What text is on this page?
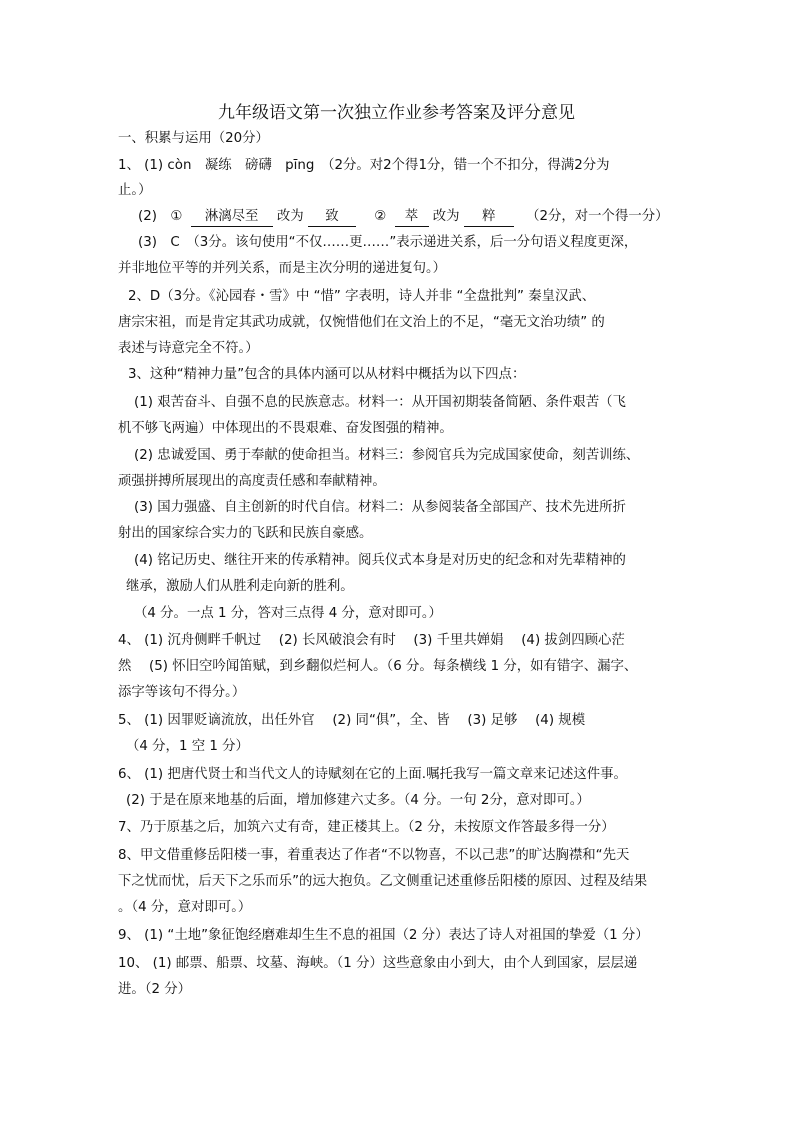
九年级语文第一次独立作业参考答案及评分意见
一、积累与运用（20分）
1、 (1) còn　凝练　磅礴　pīng　（2分。对2个得1分，错一个不扣分，得满2分为
止。）
(2)　① 淋漓尽至 改为 致	② 萃 改为 粹 （2分，对一个得一分）
(3)　C　（3分。该句使用“不仅……更……”表示递进关系，后一分句语义程度更深，
并非地位平等的并列关系，而是主次分明的递进复句。）
2、D（3分。《沁园春・雪》中 “惜” 字表明，诗人并非 “全盘批判” 秦皇汉武、
唐宗宋祖，而是肯定其武功成就，仅惋惜他们在文治上的不足，“毫无文治功绩” 的
表述与诗意完全不符。）
3、这种“精神力量”包含的具体内涵可以从材料中概括为以下四点：
(1) 艰苦奋斗、自强不息的民族意志。材料一：从开国初期装备简陋、条件艰苦（飞
机不够飞两遍）中体现出的不畏艰难、奋发图强的精神。
(2) 忠诚爱国、勇于奉献的使命担当。材料三：参阅官兵为完成国家使命，刻苦训练、
顽强拼搏所展现出的高度责任感和奉献精神。
(3) 国力强盛、自主创新的时代自信。材料二：从参阅装备全部国产、技术先进所折
射出的国家综合实力的飞跃和民族自豪感。
(4) 铭记历史、继往开来的传承精神。阅兵仪式本身是对历史的纪念和对先辈精神的
继承，激励人们从胜利走向新的胜利。
（4 分。一点 1 分，答对三点得 4 分，意对即可。）
4、 (1) 沉舟侧畔千帆过　 (2) 长风破浪会有时　 (3) 千里共婵娟　 (4) 拔剑四顾心茫
然　 (5) 怀旧空吟闻笛赋，到乡翻似烂柯人。（6 分。每条横线 1 分，如有错字、漏字、
添字等该句不得分。）
5、 (1) 因罪贬谪流放，出任外官　 (2) 同“俱”，全、皆　 (3) 足够　 (4) 规模
（4 分，1 空 1 分）
6、 (1) 把唐代贤士和当代文人的诗赋刻在它的上面.嘱托我写一篇文章来记述这件事。
(2) 于是在原来地基的后面，增加修建六丈多。（4 分。一句 2分，意对即可。）
7、乃于原基之后，加筑六丈有奇，建正楼其上。（2 分，未按原文作答最多得一分）
8、甲文借重修岳阳楼一事，着重表达了作者“不以物喜，不以己悲”的旷达胸襟和“先天
下之忧而忧，后天下之乐而乐”的远大抱负。乙文侧重记述重修岳阳楼的原因、过程及结果
。（4 分，意对即可。）
9、 (1) “土地”象征饱经磨难却生生不息的祖国（2 分）表达了诗人对祖国的挚爱（1 分）
10、 (1) 邮票、船票、坟墓、海峡。（1 分）这些意象由小到大，由个人到国家，层层递
进。（2 分）
